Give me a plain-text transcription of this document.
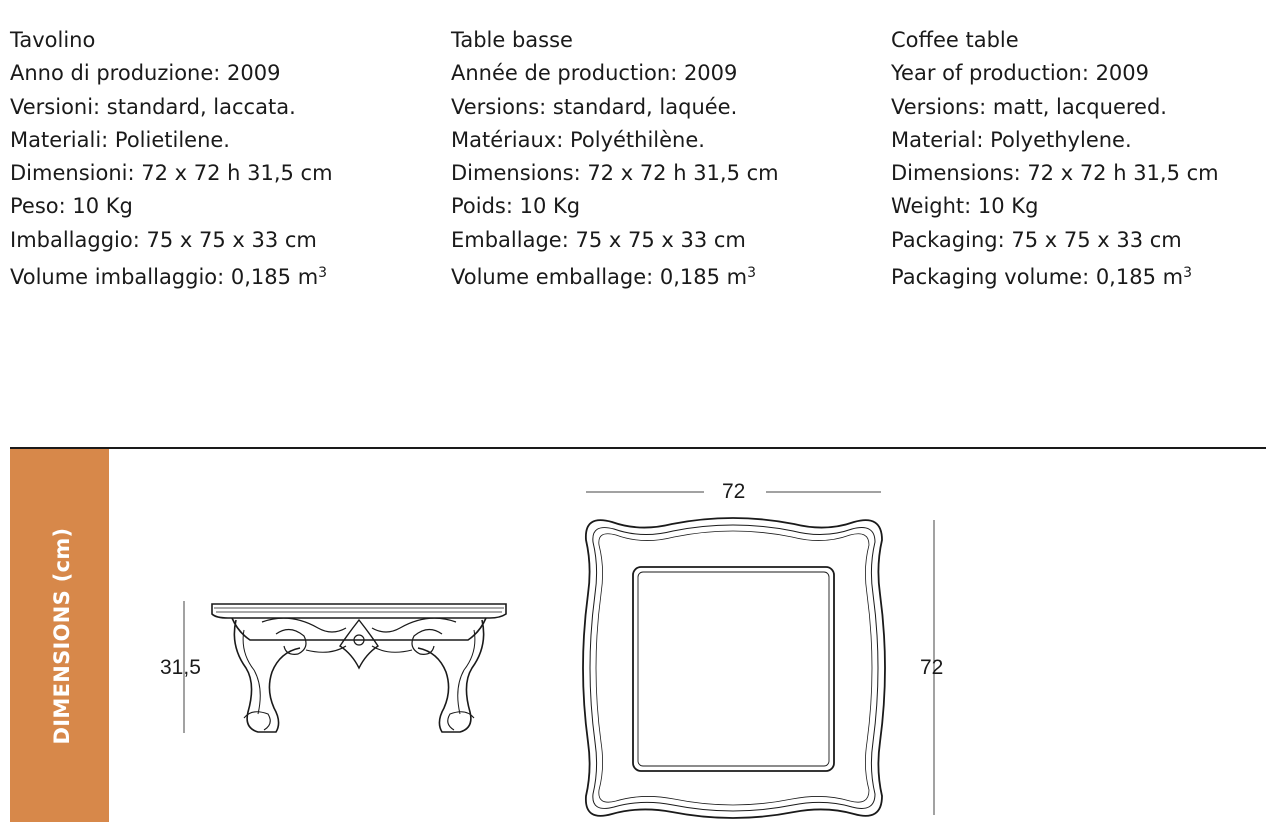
Tavolino
Anno di produzione: 2009
Versioni: standard, laccata.
Materiali: Polietilene.
Dimensioni: 72 x 72 h 31,5 cm
Peso: 10 Kg
Imballaggio: 75 x 75 x 33 cm
Volume imballaggio: 0,185 $m^3$
Table basse
Année de production: 2009
Versions: standard, laquée.
Matériaux: Polyéthilène.
Dimensions: 72 x 72 h 31,5 cm
Poids: 10 Kg
Emballage: 75 x 75 x 33 cm
Volume emballage: 0,185 $m^3$
Coffee table
Year of production: 2009
Versions: matt, lacquered.
Material: Polyethylene.
Dimensions: 72 x 72 h 31,5 cm
Weight: 10 Kg
Packaging: 75 x 75 x 33 cm
Packaging volume: 0,185 $m^3$
DIMENSIONS (cm)	31,5
72
72
